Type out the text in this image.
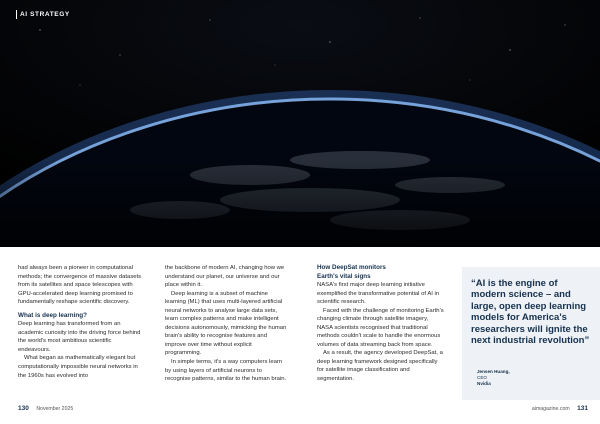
AI STRATEGY

had always been a pioneer in computational methods; the convergence of massive datasets from its satellites and space telescopes with GPU-accelerated deep learning promised to fundamentally reshape scientific discovery.

What is deep learning?

Deep learning has transformed from an academic curiosity into the driving force behind the world's most ambitious scientific endeavours.

What began as mathematically elegant but computationally impossible neural networks in the 1960s has evolved into

the backbone of modern AI, changing how we understand our planet, our universe and our place within it.

Deep learning is a subset of machine learning (ML) that uses multi-layered artificial neural networks to analyse large data sets, learn complex patterns and make intelligent decisions autonomously, mimicking the human brain's ability to recognise features and improve over time without explicit programming.

In simple terms, it's a way computers learn by using layers of artificial neurons to recognise patterns, similar to the human brain.

How DeepSat monitors
Earth's vital signs

NASA's first major deep learning initiative exemplified the transformative potential of AI in scientific research.

Faced with the challenge of monitoring Earth's changing climate through satellite imagery, NASA scientists recognised that traditional methods couldn't scale to handle the enormous volumes of data streaming back from space.

As a result, the agency developed DeepSat, a deep learning framework designed specifically for satellite image classification and segmentation.

“AI is the engine of modern science – and large, open deep learning models for America's researchers will ignite the next industrial revolution”
Jensen Huang,
CEO
Nvidia
130 November 2025	aimagazine.com 131
